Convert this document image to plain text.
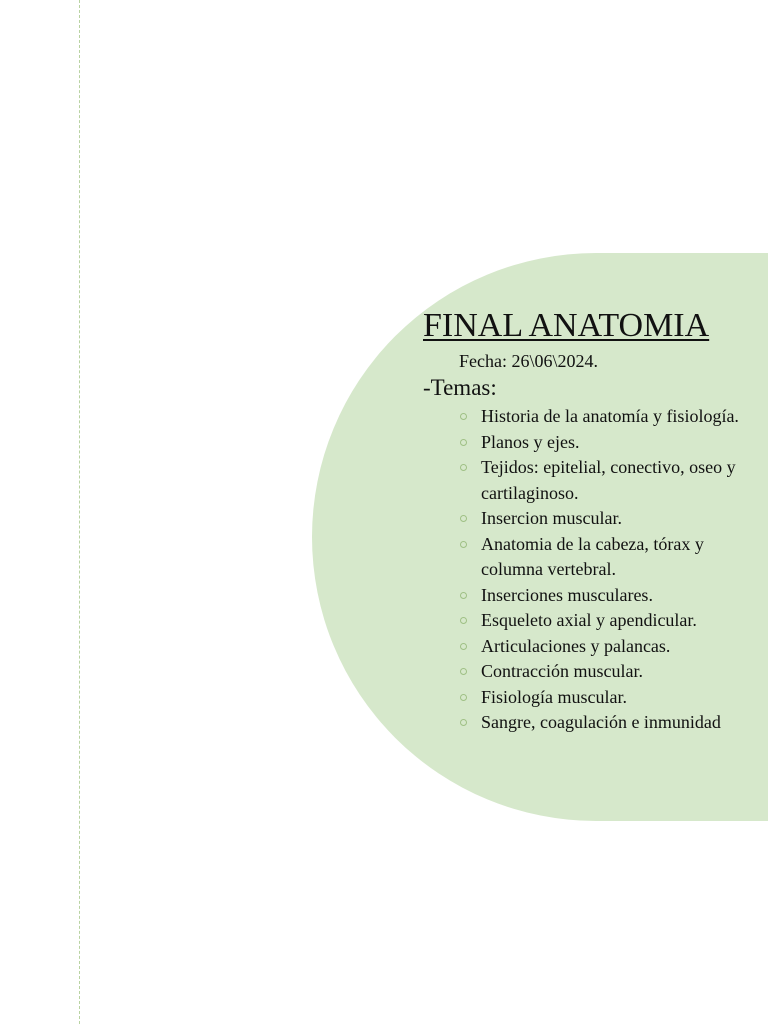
FINAL ANATOMIA
Fecha: 26\06\2024.
-Temas:
Historia de la anatomía y fisiología.
Planos y ejes.
Tejidos: epitelial, conectivo, oseo y cartilaginoso.
Insercion muscular.
Anatomia de la cabeza, tórax y columna vertebral.
Inserciones musculares.
Esqueleto axial y apendicular.
Articulaciones y palancas.
Contracción muscular.
Fisiología muscular.
Sangre, coagulación e inmunidad
